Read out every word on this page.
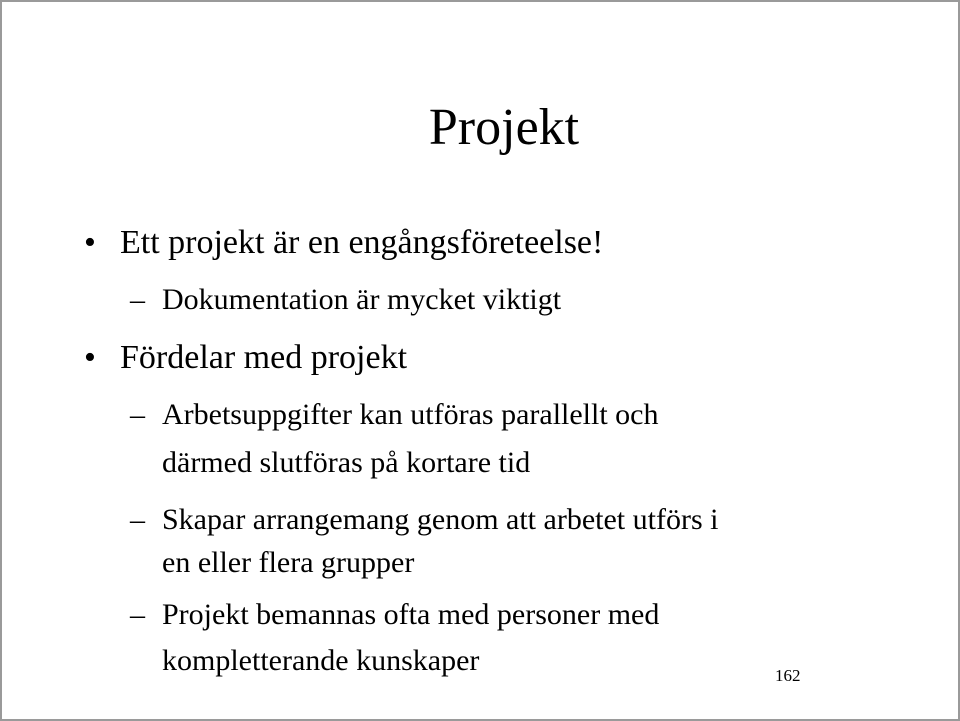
Projekt
• Ett projekt är en engångsföreteelse!
– Dokumentation är mycket viktigt
• Fördelar med projekt
– Arbetsuppgifter kan utföras parallellt och
därmed slutföras på kortare tid
– Skapar arrangemang genom att arbetet utförs i
en eller flera grupper
– Projekt bemannas ofta med personer med
kompletterande kunskaper	162
